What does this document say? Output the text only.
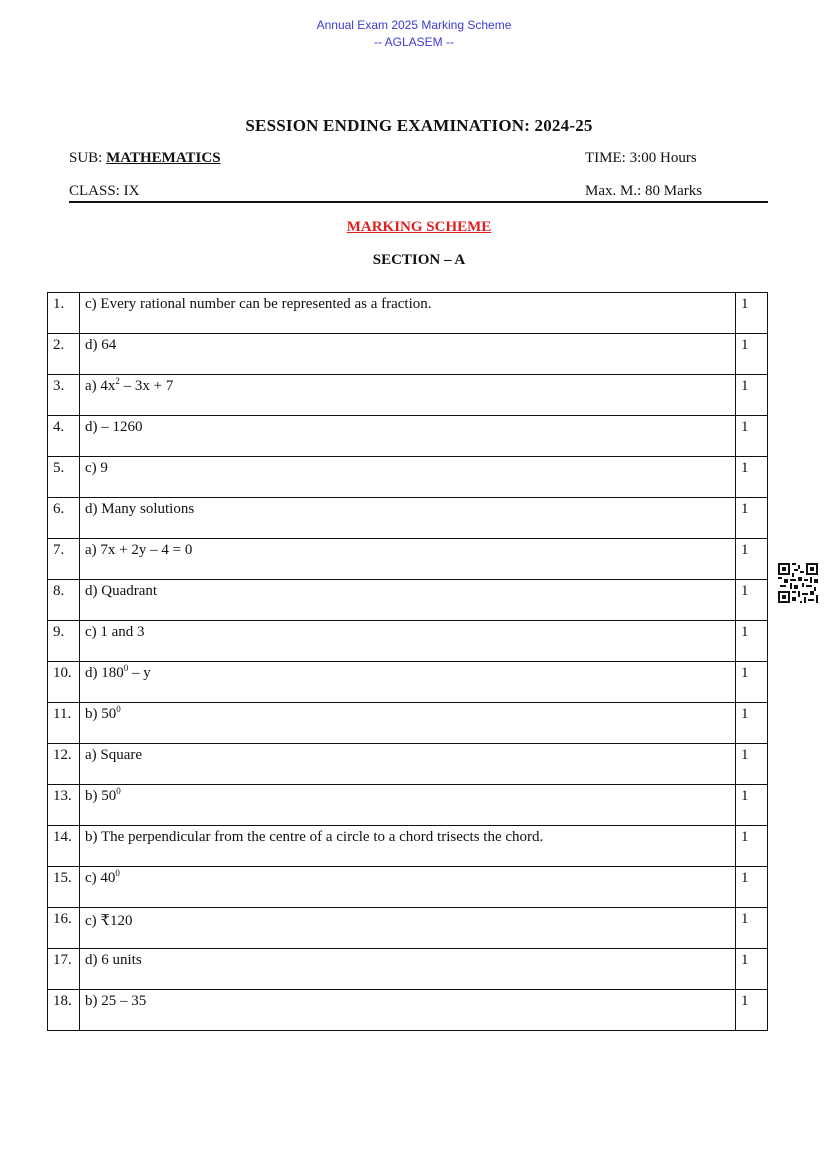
Annual Exam 2025 Marking Scheme
-- AGLASEM --
SESSION ENDING EXAMINATION: 2024-25
SUB: MATHEMATICS	TIME: 3:00 Hours
CLASS: IX	Max. M.: 80 Marks
MARKING SCHEME
SECTION – A
1.	c) Every rational number can be represented as a fraction.	1
2.	d) 64	1
3.	a) $4x^2 - 3x + 7$	1
4.	d) – 1260	1
5.	c) 9	1
6.	d) Many solutions	1
7.	a) 7x + 2y – 4 = 0	1
8.	d) Quadrant	1
9.	c) 1 and 3	1
10.	d) $180^0$ – y	1
11.	b) $50^0$	1
12.	a) Square	1
13.	b) $50^0$	1
14.	b) The perpendicular from the centre of a circle to a chord trisects the chord.	1
15.	c) $40^0$	1
16.	c) ₹120	1
17.	d) 6 units	1
18.	b) 25 – 35	1
